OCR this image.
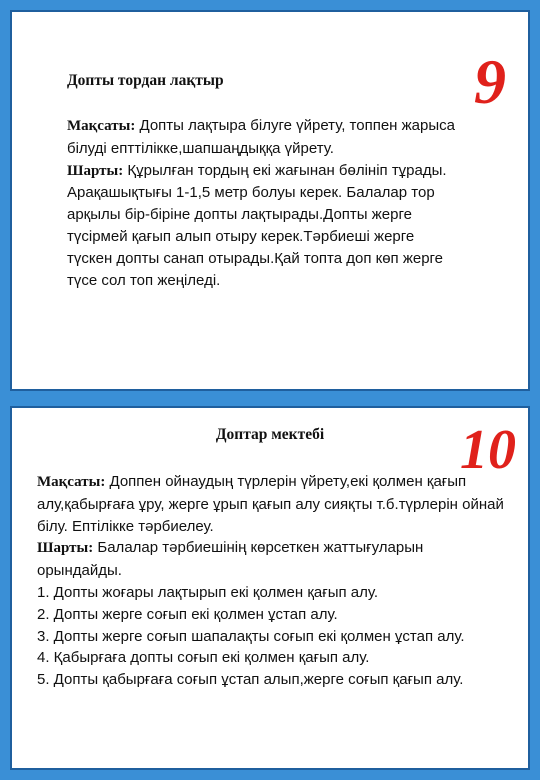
9
Допты тордан лақтыр
Мақсаты: Допты лақтыра білуге үйрету, топпен жарыса білуді епттілікке,шапшаңдыққа үйрету.
Шарты: Құрылған тордың екі жағынан бөлініп тұрады. Арақашықтығы 1-1,5 метр болуы керек. Балалар тор арқылы бір-біріне допты лақтырады.Допты жерге түсірмей қағып алып отыру керек.Тәрбиеші жерге түскен допты санап отырады.Қай топта доп көп жерге түсе сол топ жеңіледі.
10
Доптар мектебі
Мақсаты: Доппен ойнаудың түрлерін үйрету,екі қолмен қағып алу,қабырғаға ұру, жерге ұрып қағып алу сияқты т.б.түрлерін ойнай білу. Ептілікке тәрбиелеу.
Шарты: Балалар тәрбиешінің көрсеткен жаттығуларын орындайды.
1. Допты жоғары лақтырып екі қолмен қағып алу.
2. Допты жерге соғып екі қолмен ұстап алу.
3. Допты жерге соғып шапалақты соғып екі қолмен ұстап алу.
4. Қабырғаға допты соғып екі қолмен қағып алу.
5. Допты қабырғаға соғып ұстап алып,жерге соғып қағып алу.
